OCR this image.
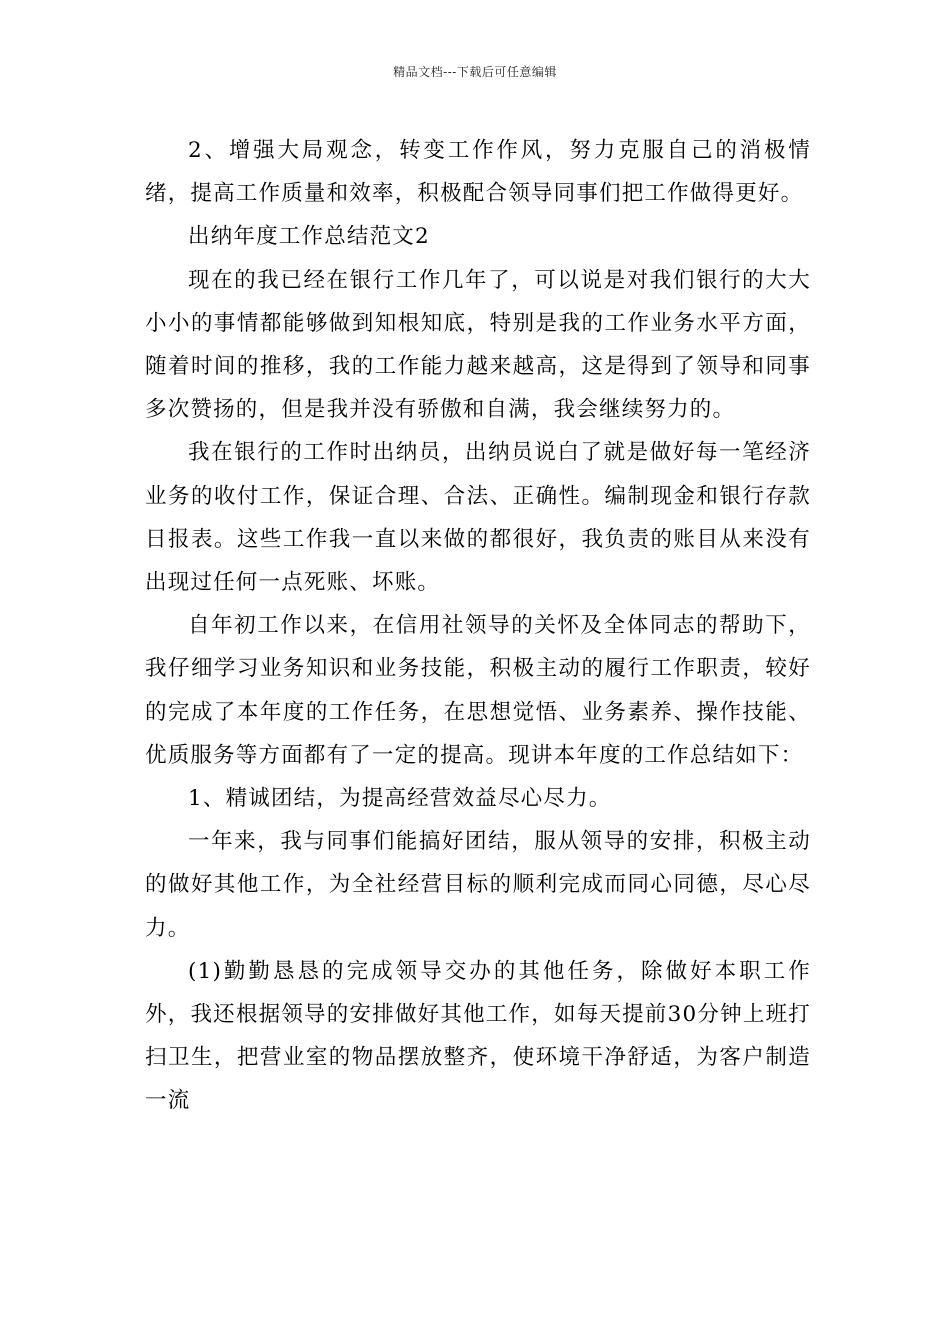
精品文档---下载后可任意编辑

2、增强大局观念，转变工作作风，努力克服自己的消极情绪，提高工作质量和效率，积极配合领导同事们把工作做得更好。

出纳年度工作总结范文2

现在的我已经在银行工作几年了，可以说是对我们银行的大大小小的事情都能够做到知根知底，特别是我的工作业务水平方面，随着时间的推移，我的工作能力越来越高，这是得到了领导和同事多次赞扬的，但是我并没有骄傲和自满，我会继续努力的。

我在银行的工作时出纳员，出纳员说白了就是做好每一笔经济业务的收付工作，保证合理、合法、正确性。编制现金和银行存款日报表。这些工作我一直以来做的都很好，我负责的账目从来没有出现过任何一点死账、坏账。

自年初工作以来，在信用社领导的关怀及全体同志的帮助下，我仔细学习业务知识和业务技能，积极主动的履行工作职责，较好的完成了本年度的工作任务，在思想觉悟、业务素养、操作技能、优质服务等方面都有了一定的提高。现讲本年度的工作总结如下：

1、精诚团结，为提高经营效益尽心尽力。

一年来，我与同事们能搞好团结，服从领导的安排，积极主动的做好其他工作，为全社经营目标的顺利完成而同心同德，尽心尽力。

(1)勤勤恳恳的完成领导交办的其他任务，除做好本职工作外，我还根据领导的安排做好其他工作，如每天提前30分钟上班打扫卫生，把营业室的物品摆放整齐，使环境干净舒适，为客户制造一流
